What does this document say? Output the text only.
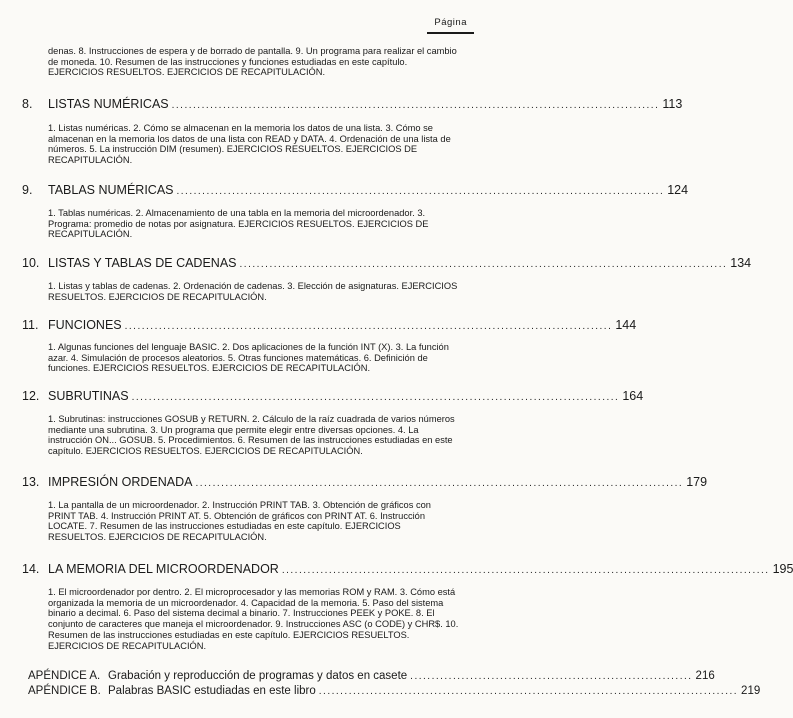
Página
denas. 8. Instrucciones de espera y de borrado de pantalla. 9. Un programa para realizar el cambio de moneda. 10. Resumen de las instrucciones y funciones estudiadas en este capítulo. EJERCICIOS RESUELTOS. EJERCICIOS DE RECAPITULACIÓN.
8.	LISTAS NUMÉRICAS .................................................................................................................. 113
1. Listas numéricas. 2. Cómo se almacenan en la memoria los datos de una lista. 3. Cómo se almacenan en la memoria los datos de una lista con READ y DATA. 4. Ordenación de una lista de números. 5. La instrucción DIM (resumen). EJERCICIOS RESUELTOS. EJERCICIOS DE RECAPITULACIÓN.
9.	TABLAS NUMÉRICAS .................................................................................................................. 124
1. Tablas numéricas. 2. Almacenamiento de una tabla en la memoria del microordenador. 3. Programa: promedio de notas por asignatura. EJERCICIOS RESUELTOS. EJERCICIOS DE RECAPITULACIÓN.
10. LISTAS Y TABLAS DE CADENAS .................................................................................................................. 134
1. Listas y tablas de cadenas. 2. Ordenación de cadenas. 3. Elección de asignaturas. EJERCICIOS RESUELTOS. EJERCICIOS DE RECAPITULACIÓN.
11. FUNCIONES .................................................................................................................. 144
1. Algunas funciones del lenguaje BASIC. 2. Dos aplicaciones de la función INT (X). 3. La función azar. 4. Simulación de procesos aleatorios. 5. Otras funciones matemáticas. 6. Definición de funciones. EJERCICIOS RESUELTOS. EJERCICIOS DE RECAPITULACIÓN.
12. SUBRUTINAS .................................................................................................................. 164
1. Subrutinas: instrucciones GOSUB y RETURN. 2. Cálculo de la raíz cuadrada de varios números mediante una subrutina. 3. Un programa que permite elegir entre diversas opciones. 4. La instrucción ON... GOSUB. 5. Procedimientos. 6. Resumen de las instrucciones estudiadas en este capítulo. EJERCICIOS RESUELTOS. EJERCICIOS DE RECAPITULACIÓN.
13. IMPRESIÓN ORDENADA .................................................................................................................. 179
1. La pantalla de un microordenador. 2. Instrucción PRINT TAB. 3. Obtención de gráficos con PRINT TAB. 4. Instrucción PRINT AT. 5. Obtención de gráficos con PRINT AT. 6. Instrucción LOCATE. 7. Resumen de las instrucciones estudiadas en este capítulo. EJERCICIOS RESUELTOS. EJERCICIOS DE RECAPITULACIÓN.
14. LA MEMORIA DEL MICROORDENADOR .................................................................................................................. 195
1. El microordenador por dentro. 2. El microprocesador y las memorias ROM y RAM. 3. Cómo está organizada la memoria de un microordenador. 4. Capacidad de la memoria. 5. Paso del sistema binario a decimal. 6. Paso del sistema decimal a binario. 7. Instrucciones PEEK y POKE. 8. El conjunto de caracteres que maneja el microordenador. 9. Instrucciones ASC (o CODE) y CHR$. 10. Resumen de las instrucciones estudiadas en este capítulo. EJERCICIOS RESUELTOS. EJERCICIOS DE RECAPITULACIÓN.
APÉNDICE A. Grabación y reproducción de programas y datos en casete .................................................................. 216
APÉNDICE B. Palabras BASIC estudiadas en este libro .................................................................................................. 219
